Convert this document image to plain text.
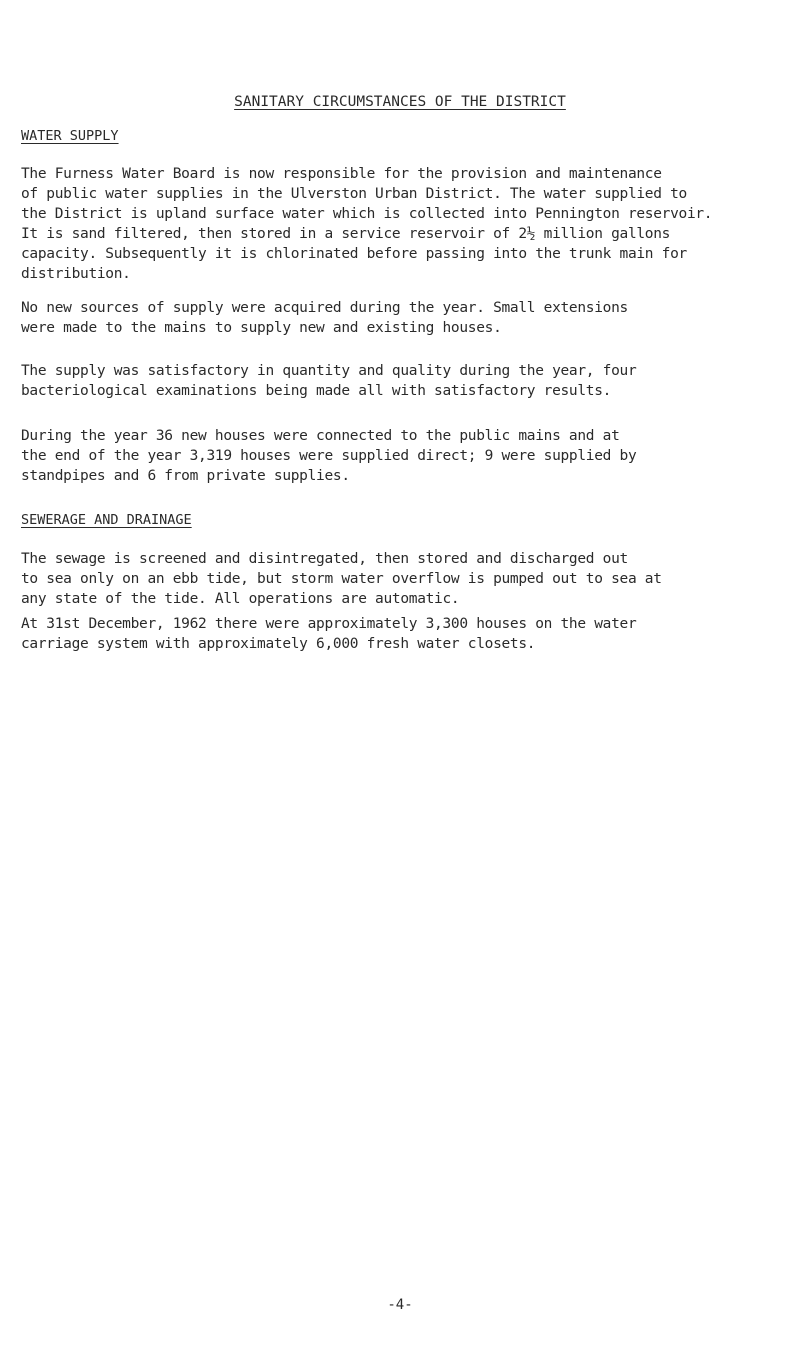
SANITARY CIRCUMSTANCES OF THE DISTRICT
WATER SUPPLY

The Furness Water Board is now responsible for the provision and maintenance
of public water supplies in the Ulverston Urban District. The water supplied to
the District is upland surface water which is collected into Pennington reservoir.
It is sand filtered, then stored in a service reservoir of 2½ million gallons
capacity. Subsequently it is chlorinated before passing into the trunk main for
distribution.

No new sources of supply were acquired during the year. Small extensions
were made to the mains to supply new and existing houses.

The supply was satisfactory in quantity and quality during the year, four
bacteriological examinations being made all with satisfactory results.

During the year 36 new houses were connected to the public mains and at
the end of the year 3,319 houses were supplied direct; 9 were supplied by
standpipes and 6 from private supplies.

SEWERAGE AND DRAINAGE

The sewage is screened and disintregated, then stored and discharged out
to sea only on an ebb tide, but storm water overflow is pumped out to sea at
any state of the tide. All operations are automatic.

At 31st December, 1962 there were approximately 3,300 houses on the water
carriage system with approximately 6,000 fresh water closets.

-4-
